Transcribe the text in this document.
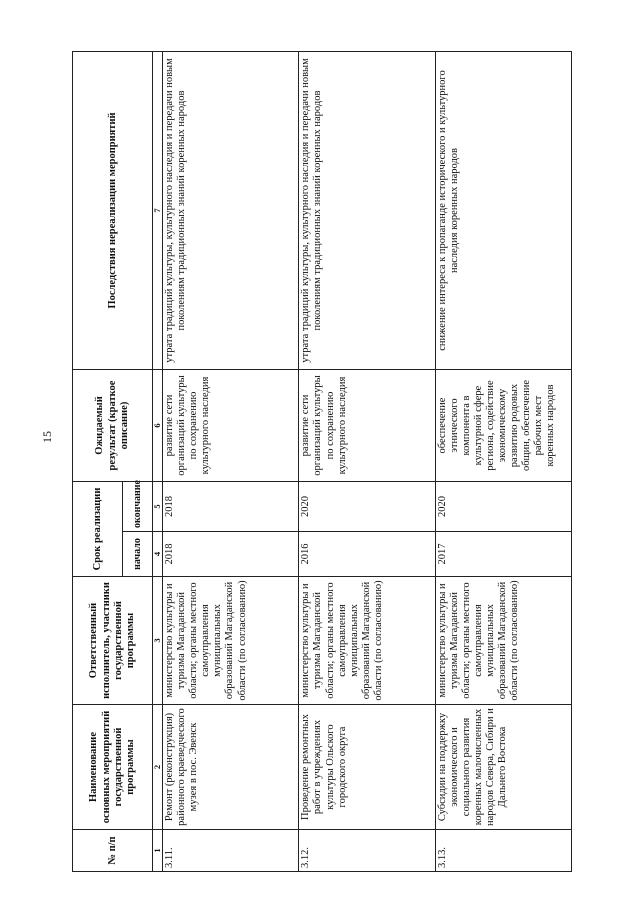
15
№ п/п	Наименование основных мероприятий государственной программы	Ответственный исполнитель, участники государственной программы	Срок реализации		Ожидаемый результат (краткое описание)	Последствия нереализации мероприятий
			начало	окончание		
1	2	3	4	5	6	7
3.11.	Ремонт (реконструкция) районного краеведческого музея в пос. Эвенск	министерство культуры и туризма Магаданской области; органы местного самоуправления муниципальных образований Магаданской области (по согласованию)	2018	2018	развитие сети организаций культуры по сохранению культурного наследия	утрата традиций культуры, культурного наследия и передачи новым поколениям традиционных знаний коренных народов
3.12.	Проведение ремонтных работ в учреждениях культуры Ольского городского округа	министерство культуры и туризма Магаданской области; органы местного самоуправления муниципальных образований Магаданской области (по согласованию)	2016	2020	развитие сети организаций культуры по сохранению культурного наследия	утрата традиций культуры, культурного наследия и передачи новым поколениям традиционных знаний коренных народов
3.13.	Субсидии на поддержку экономического и социального развития коренных малочисленных народов Севера, Сибири и Дальнего Востока	министерство культуры и туризма Магаданской области; органы местного самоуправления муниципальных образований Магаданской области (по согласованию)	2017	2020	обеспечение этнического компонента в культурной сфере региона, содействие экономическому развитию родовых общин, обеспечение рабочих мест коренных народов	снижение интереса к пропаганде исторического и культурного наследия коренных народов
